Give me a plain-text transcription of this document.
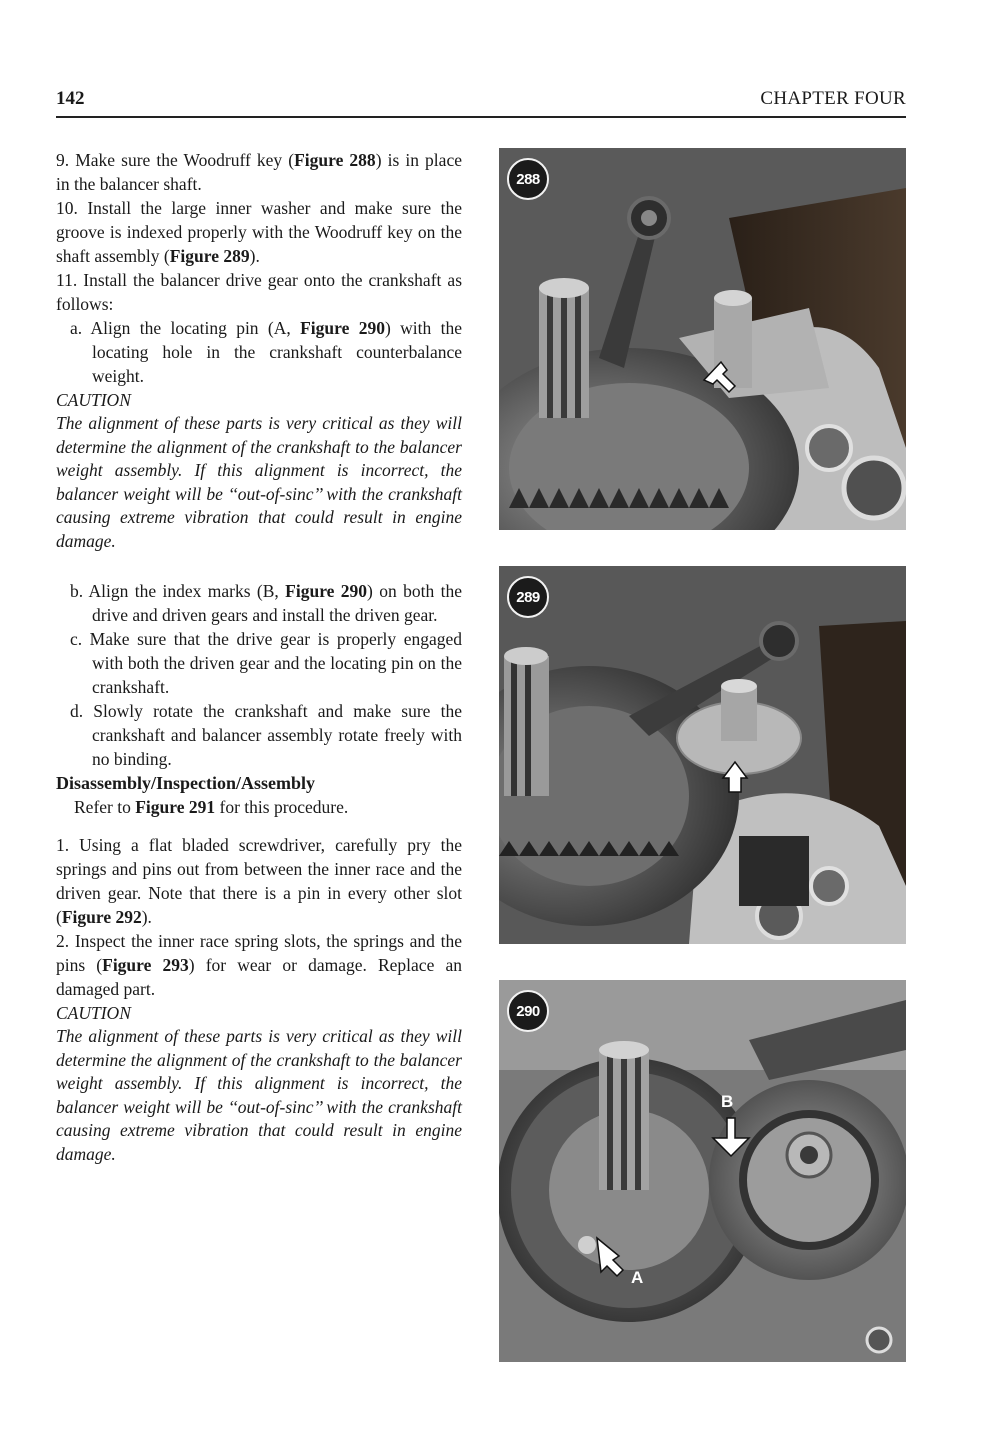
142	CHAPTER FOUR

9. Make sure the Woodruff key (Figure 288) is in place in the balancer shaft.

10. Install the large inner washer and make sure the groove is indexed properly with the Woodruff key on the shaft assembly (Figure 289).

11. Install the balancer drive gear onto the crankshaft as follows:

a. Align the locating pin (A, Figure 290) with the locating hole in the crankshaft counterbalance weight.

CAUTION

The alignment of these parts is very critical as they will determine the alignment of the crankshaft to the balancer weight assembly. If this alignment is incorrect, the balancer weight will be ‘‘out-of-sinc’’ with the crankshaft causing extreme vibration that could result in engine damage.

b. Align the index marks (B, Figure 290) on both the drive and driven gears and install the driven gear.

c. Make sure that the drive gear is properly engaged with both the driven gear and the locating pin on the crankshaft.

d. Slowly rotate the crankshaft and make sure the crankshaft and balancer assembly rotate freely with no binding.

Disassembly/Inspection/Assembly

Refer to Figure 291 for this procedure.

1. Using a flat bladed screwdriver, carefully pry the springs and pins out from between the inner race and the driven gear. Note that there is a pin in every other slot (Figure 292).

2. Inspect the inner race spring slots, the springs and the pins (Figure 293) for wear or damage. Replace an damaged part.

CAUTION

The alignment of these parts is very critical as they will determine the alignment of the crankshaft to the balancer weight assembly. If this alignment is incorrect, the balancer weight will be ‘‘out-of-sinc’’ with the crankshaft causing extreme vibration that could result in engine damage.

288
289
290
B
A
